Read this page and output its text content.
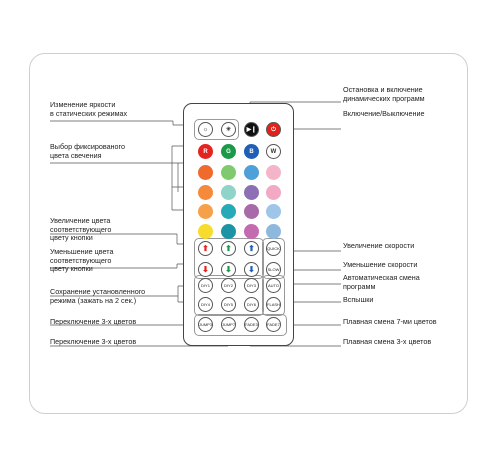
☼	☀	▶❙ ⏻
R	G	B	W
⬆ ⬆ ⬆
⬇ ⬇ ⬇
QUICK
SLOW
DIY1	DIY2	DIY3
DIY4	DIY5	DIY6
AUTO
FLASH
JUMP3 JUMP7	FADE3 FADE7
Изменение яркости
в статических режимах
Выбор фиксированого
цвета свечения
Увеличение цвета
соответствующего
цвету кнопки
Уменьшение цвета
соответствующего
цвету кнопки
Сохранение установленного
режима (зажать на 2 сек.)
Переключение 3-х цветов
Переключение 3-х цветов
Остановка и включение
динамических программ
Включение/Выключение
Увеличение скорости
Уменьшение скорости
Автоматическая смена
программ
Вспышки
Плавная смена 7-ми цветов
Плавная смена 3-х цветов
